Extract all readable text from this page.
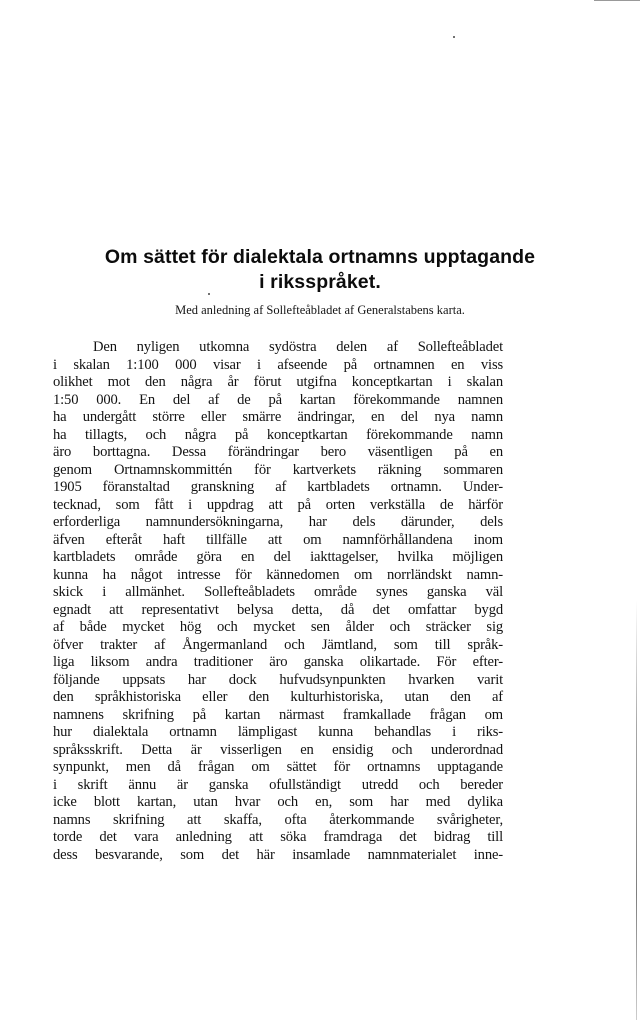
Om sättet för dialektala ortnamns upptagande
i riksspråket.
Med anledning af Sollefteåbladet af Generalstabens karta.
Den nyligen utkomna sydöstra delen af Sollefteåbladet
i skalan 1:100 000 visar i afseende på ortnamnen en viss
olikhet mot den några år förut utgifna konceptkartan i skalan
1:50 000. En del af de på kartan förekommande namnen
ha undergått större eller smärre ändringar, en del nya namn
ha tillagts, och några på konceptkartan förekommande namn
äro borttagna. Dessa förändringar bero väsentligen på en
genom Ortnamnskommittén för kartverkets räkning sommaren
1905 föranstaltad granskning af kartbladets ortnamn. Under-
tecknad, som fått i uppdrag att på orten verkställa de härför
erforderliga namnundersökningarna, har dels därunder, dels
äfven efteråt haft tillfälle att om namnförhållandena inom
kartbladets område göra en del iakttagelser, hvilka möjligen
kunna ha något intresse för kännedomen om norrländskt namn-
skick i allmänhet. Sollefteåbladets område synes ganska väl
egnadt att representativt belysa detta, då det omfattar bygd
af både mycket hög och mycket sen ålder och sträcker sig
öfver trakter af Ångermanland och Jämtland, som till språk-
liga liksom andra traditioner äro ganska olikartade. För efter-
följande uppsats har dock hufvudsynpunkten hvarken varit
den språkhistoriska eller den kulturhistoriska, utan den af
namnens skrifning på kartan närmast framkallade frågan om
hur dialektala ortnamn lämpligast kunna behandlas i riks-
språksskrift. Detta är visserligen en ensidig och underordnad
synpunkt, men då frågan om sättet för ortnamns upptagande
i skrift ännu är ganska ofullständigt utredd och bereder
icke blott kartan, utan hvar och en, som har med dylika
namns skrifning att skaffa, ofta återkommande svårigheter,
torde det vara anledning att söka framdraga det bidrag till
dess besvarande, som det här insamlade namnmaterialet inne-
